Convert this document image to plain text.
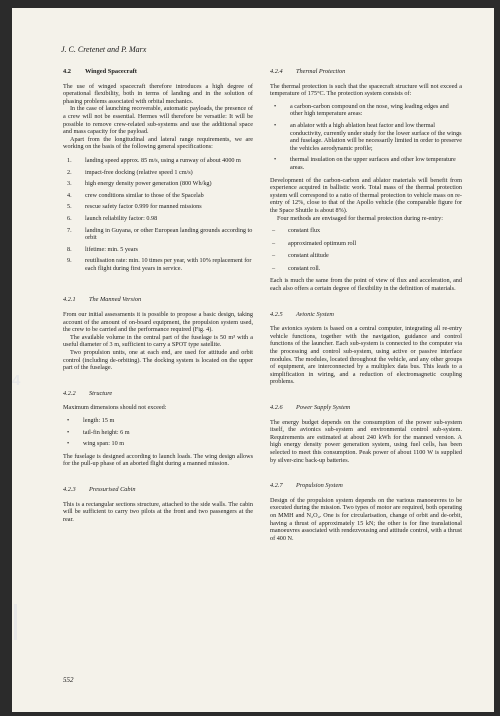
4
J. C. Cretenet and P. Marx
4.2 Winged Spacecraft

The use of winged spacecraft therefore introduces a high degree of operational flexibility, both in terms of landing and in the solution of phasing problems associated with orbital mechanics.

In the case of launching recoverable, automatic payloads, the presence of a crew will not be essential. Hermes will therefore be versatile: It will be possible to remove crew-related sub-systems and use the additional space and mass capacity for the payload.

Apart from the longitudinal and lateral range requirements, we are working on the basis of the following general specifications:

1.	landing speed approx. 85 m/s, using a runway of about 4000 m
2.	impact-free docking (relative speed 1 cm/s)
3.	high energy density power generation (800 Wh/kg)
4.	crew conditions similar to those of the Spacelab
5.	rescue safety factor 0.999 for manned missions
6.	launch reliability factor: 0.98
7.	landing in Guyana, or other European landing grounds according to orbit
8.	lifetime: min. 5 years
9.	reutilisation rate: min. 10 times per year, with 10% replacement for each flight during first years in service.
4.2.1 The Manned Version

From our initial assessments it is possible to propose a basic design, taking account of the amount of on-board equipment, the propulsion system used, the crew to be carried and the performance required (Fig. 4).

The available volume in the central part of the fuselage is 50 m³ with a useful diameter of 3 m, sufficient to carry a SPOT type satellite.

Two propulsion units, one at each end, are used for attitude and orbit control (including de-orbiting). The docking system is located on the upper part of the fuselage.

4.2.2 Structure

Maximum dimensions should not exceed:

•	length: 15 m
•	tail-fin height: 6 m
•	wing span: 10 m

The fuselage is designed according to launch loads. The wing design allows for the pull-up phase of an aborted flight during a manned mission.

4.2.3 Pressurised Cabin

This is a rectangular sections structure, attached to the side walls. The cabin will be sufficient to carry two pilots at the front and two passengers at the rear.

4.2.4 Thermal Protection

The thermal protection is such that the spacecraft structure will not exceed a temperature of 175°C. The protection system consists of:

•	a carbon-carbon compound on the nose, wing leading edges and other high temperature areas:
•	an ablator with a high ablation heat factor and low thermal conductivity, currently under study for the lower surface of the wings and fuselage. Ablation will be necessarily limited in order to preserve the vehicles aerodynamic profile;
•	thermal insulation on the upper surfaces and other low temperature areas.

Development of the carbon-carbon and ablator materials will benefit from experience acquired in ballistic work. Total mass of the thermal protection system will correspond to a ratio of thermal protection to vehicle mass on re-entry of 12%, close to that of the Apollo vehicle (the comparable figure for the Space Shuttle is about 8%).

Four methods are envisaged for thermal protection during re-entry:

–	constant flux
–	approximated optimum roll
–	constant altitude
–	constant roll.

Each is much the same from the point of view of flux and acceleration, and each also offers a certain degree of flexibility in the definition of materials.

4.2.5 Avionic System

The avionics system is based on a central computer, integrating all re-entry vehicle functions, together with the navigation, guidance and control functions of the launcher. Each sub-system is connected to the computer via the processing and control sub-system, using active or passive interface modules. The modules, located throughout the vehicle, and any other groups of equipment, are interconnected by a multiplex data bus. This leads to a simplification in wiring, and a reduction of electromagnetic coupling problems.

4.2.6 Power Supply System

The energy budget depends on the consumption of the power sub-system itself, the avionics sub-system and environmental control sub-system. Requirements are estimated at about 240 kWh for the manned version. A high energy density power generation system, using fuel cells, has been selected to meet this consumption. Peak power of about 1100 W is supplied by silver-zinc back-up batteries.

4.2.7 Propulsion System

Design of the propulsion system depends on the various manoeuvres to be executed during the mission. Two types of motor are required, both operating on MMH and N₂O₄. One is for circularisation, change of orbit and de-orbit, having a thrust of approximately 15 kN; the other is for fine translational manoeuvres associated with rendezvousing and attitude control, with a thrust of 400 N.

552
